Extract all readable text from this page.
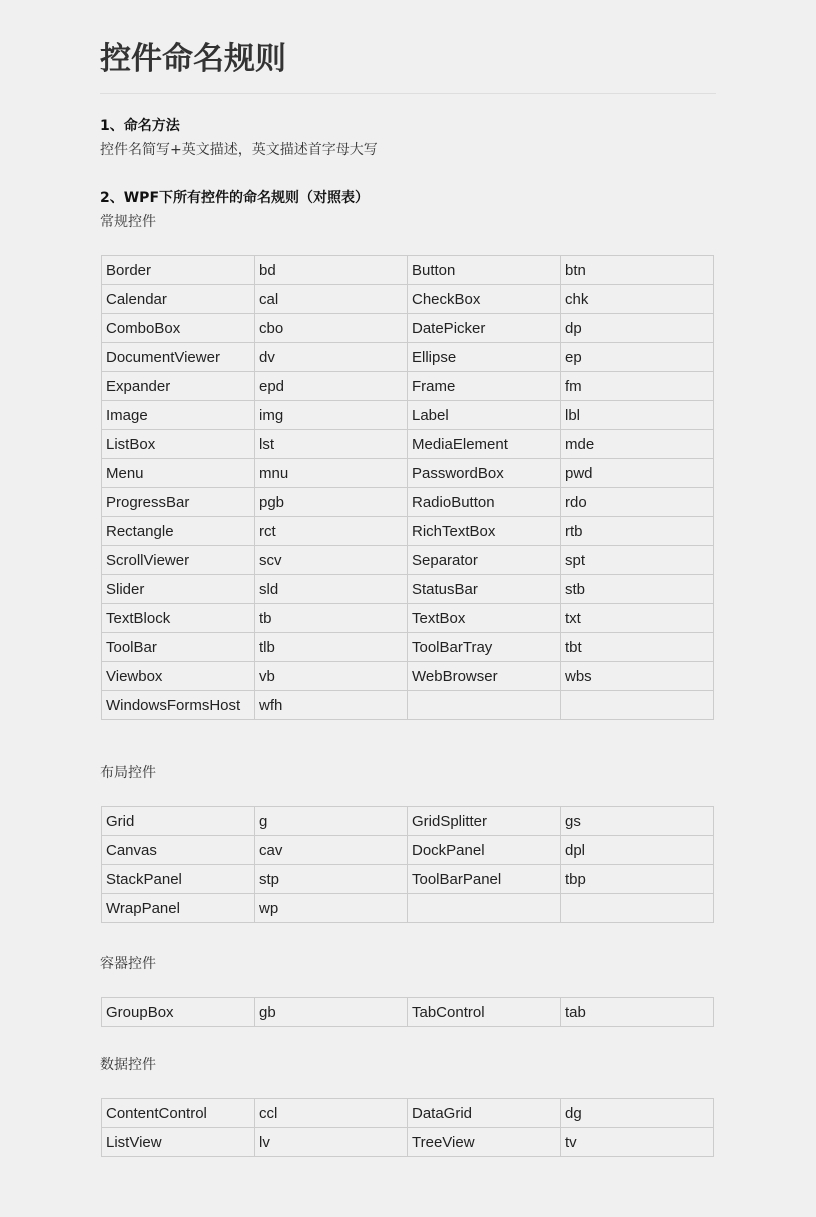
控件命名规则

1、命名方法

控件名简写+英文描述，英文描述首字母大写

2、WPF下所有控件的命名规则（对照表）

常规控件

Border	bd	Button	btn
Calendar	cal	CheckBox	chk
ComboBox	cbo	DatePicker	dp
DocumentViewer	dv	Ellipse	ep
Expander	epd	Frame	fm
Image	img	Label	lbl
ListBox	lst	MediaElement	mde
Menu	mnu	PasswordBox	pwd
ProgressBar	pgb	RadioButton	rdo
Rectangle	rct	RichTextBox	rtb
ScrollViewer	scv	Separator	spt
Slider	sld	StatusBar	stb
TextBlock	tb	TextBox	txt
ToolBar	tlb	ToolBarTray	tbt
Viewbox	vb	WebBrowser	wbs
WindowsFormsHost	wfh		

布局控件

Grid	g	GridSplitter	gs
Canvas	cav	DockPanel	dpl
StackPanel	stp	ToolBarPanel	tbp
WrapPanel	wp		

容器控件

GroupBox	gb	TabControl	tab

数据控件

ContentControl	ccl	DataGrid	dg
ListView	lv	TreeView	tv
